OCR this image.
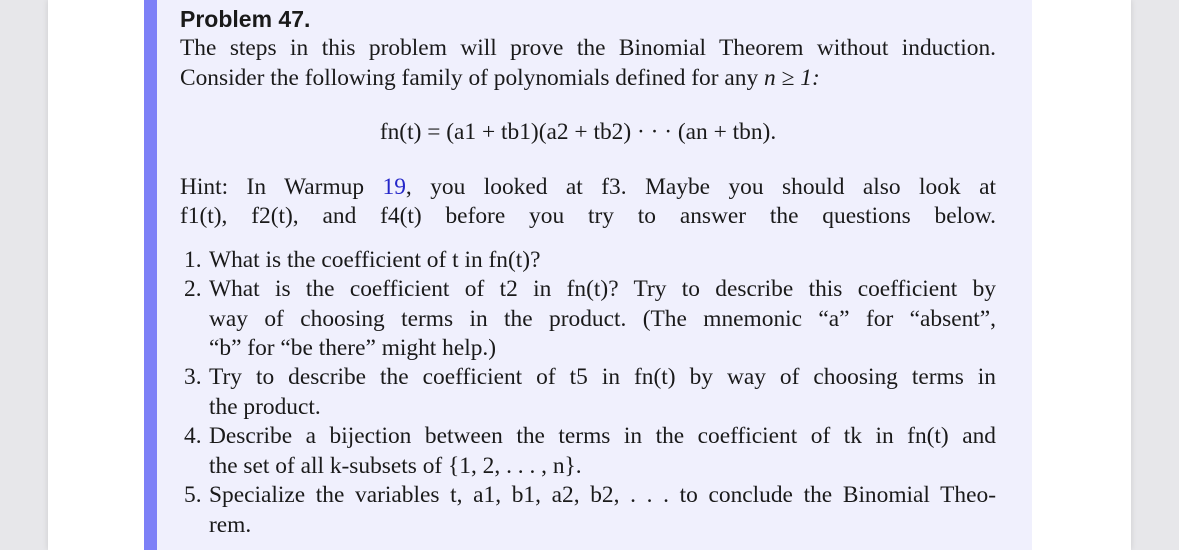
Problem 47.
The steps in this problem will prove the Binomial Theorem without induction.
Consider the following family of polynomials defined for any n ≥ 1:
fn(t) = (a1 + tb1)(a2 + tb2) · · · (an + tbn).
Hint: In Warmup 19, you looked at f3. Maybe you should also look at
f1(t), f2(t), and f4(t) before you try to answer the questions below.
1. What is the coefficient of t in fn(t)?
2. What is the coefficient of t2 in fn(t)? Try to describe this coefficient by
way of choosing terms in the product. (The mnemonic “a” for “absent”,
“b” for “be there” might help.)
3. Try to describe the coefficient of t5 in fn(t) by way of choosing terms in
the product.
4. Describe a bijection between the terms in the coefficient of tk in fn(t) and
the set of all k-subsets of {1, 2, . . . , n}.
5. Specialize the variables t, a1, b1, a2, b2, . . . to conclude the Binomial Theo-
rem.
